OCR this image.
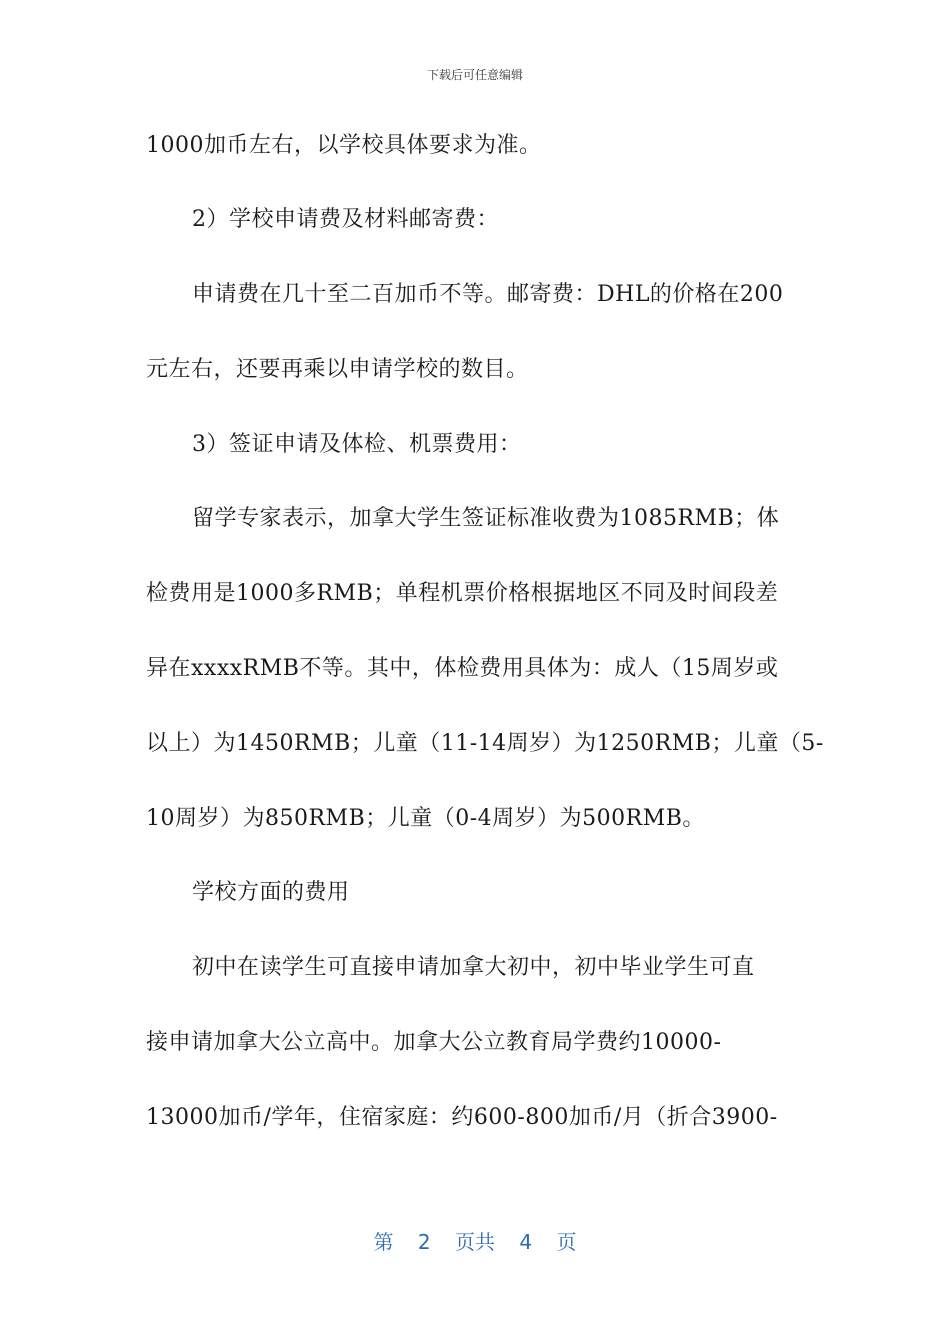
下载后可任意编辑
1000加币左右，以学校具体要求为准。
2）学校申请费及材料邮寄费：
申请费在几十至二百加币不等。邮寄费：DHL的价格在200
元左右，还要再乘以申请学校的数目。
3）签证申请及体检、机票费用：
留学专家表示，加拿大学生签证标准收费为1085RMB；体
检费用是1000多RMB；单程机票价格根据地区不同及时间段差
异在xxxxRMB不等。其中，体检费用具体为：成人（15周岁或
以上）为1450RMB；儿童（11-14周岁）为1250RMB；儿童（5-
10周岁）为850RMB；儿童（0-4周岁）为500RMB。
学校方面的费用
初中在读学生可直接申请加拿大初中，初中毕业学生可直
接申请加拿大公立高中。加拿大公立教育局学费约10000-
13000加币/学年，住宿家庭：约600-800加币/月（折合3900-
第 2 页共 4 页
